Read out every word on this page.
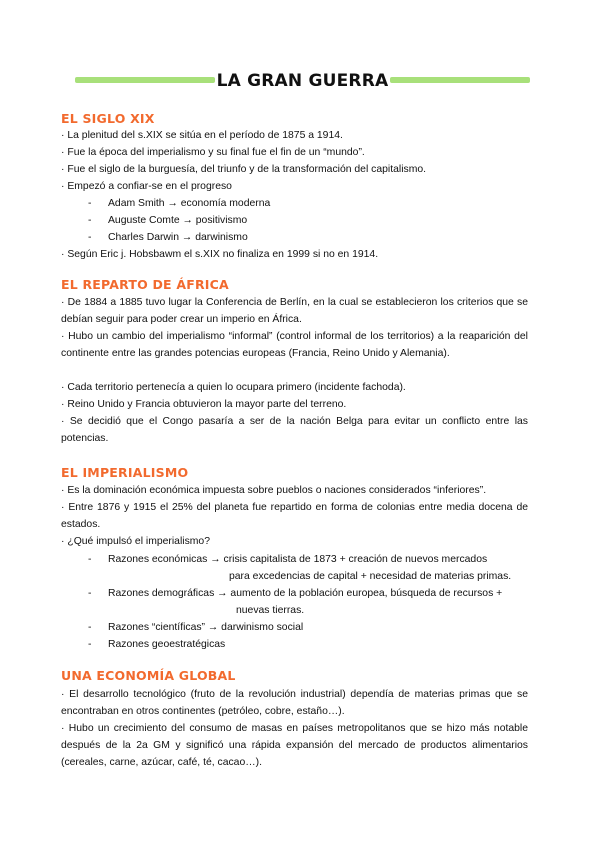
LA GRAN GUERRA
EL SIGLO XIX
· La plenitud del s.XIX se sitúa en el período de 1875 a 1914.
· Fue la época del imperialismo y su final fue el fin de un “mundo”.
· Fue el siglo de la burguesía, del triunfo y de la transformación del capitalismo.
· Empezó a confiar-se en el progreso
- Adam Smith → economía moderna
- Auguste Comte → positivismo
- Charles Darwin → darwinismo
· Según Eric j. Hobsbawm el s.XIX no finaliza en 1999 si no en 1914.
EL REPARTO DE ÁFRICA
· De 1884 a 1885 tuvo lugar la Conferencia de Berlín, en la cual se establecieron los criterios que se debían seguir para poder crear un imperio en África.
· Hubo un cambio del imperialismo “informal” (control informal de los territorios) a la reaparición del continente entre las grandes potencias europeas (Francia, Reino Unido y Alemania).
· Cada territorio pertenecía a quien lo ocupara primero (incidente fachoda).
· Reino Unido y Francia obtuvieron la mayor parte del terreno.
· Se decidió que el Congo pasaría a ser de la nación Belga para evitar un conflicto entre las potencias.
EL IMPERIALISMO
· Es la dominación económica impuesta sobre pueblos o naciones considerados “inferiores”.
· Entre 1876 y 1915 el 25% del planeta fue repartido en forma de colonias entre media docena de estados.
· ¿Qué impulsó el imperialismo?
- Razones económicas → crisis capitalista de 1873 + creación de nuevos mercados
para excedencias de capital + necesidad de materias primas.
- Razones demográficas → aumento de la población europea, búsqueda de recursos +
nuevas tierras.
- Razones “científicas” → darwinismo social
- Razones geoestratégicas
UNA ECONOMÍA GLOBAL
· El desarrollo tecnológico (fruto de la revolución industrial) dependía de materias primas que se encontraban en otros continentes (petróleo, cobre, estaño…).
· Hubo un crecimiento del consumo de masas en países metropolitanos que se hizo más notable después de la 2a GM y significó una rápida expansión del mercado de productos alimentarios (cereales, carne, azúcar, café, té, cacao…).
